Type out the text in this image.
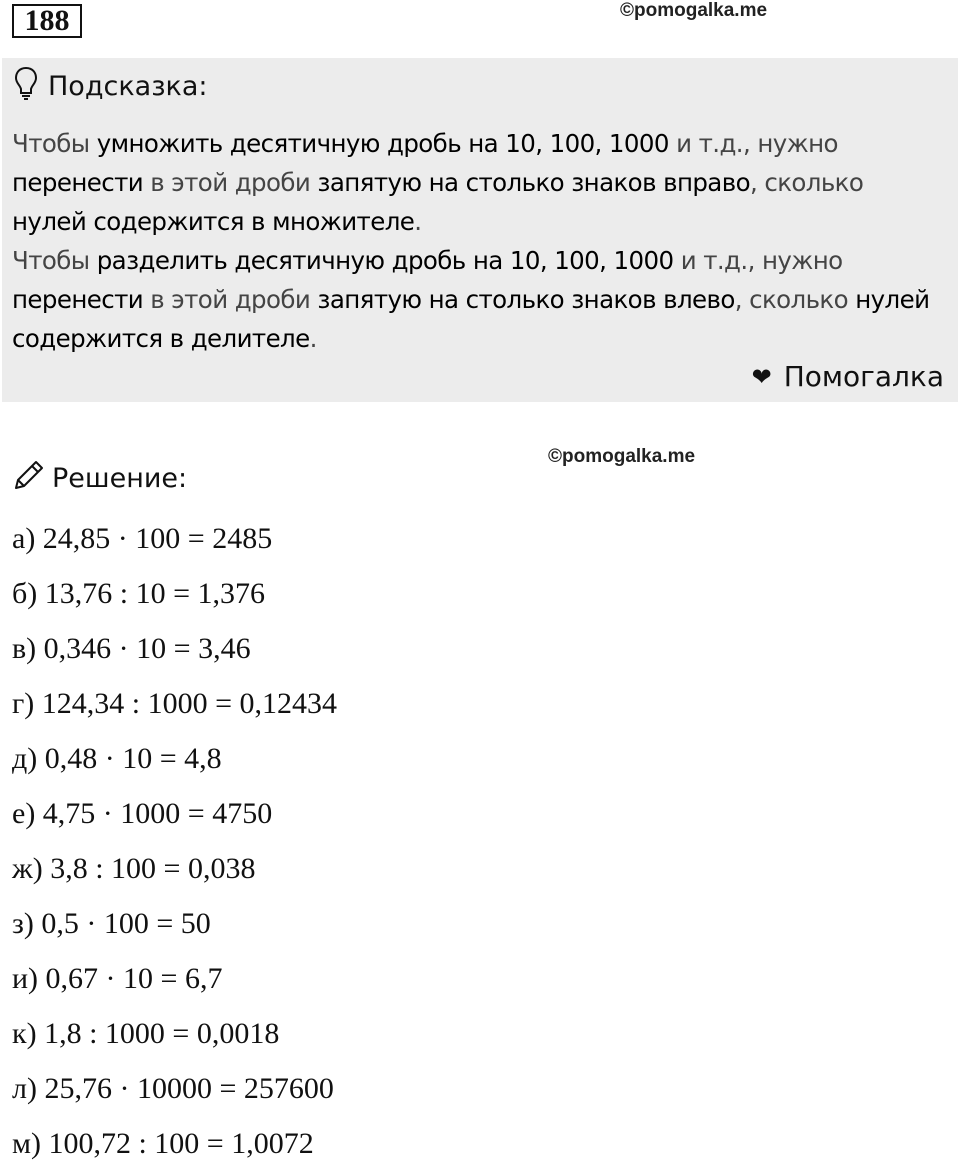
188	©pomogalka.me
Подсказка:
Чтобы умножить десятичную дробь на 10, 100, 1000 и т.д., нужно перенести в этой дроби запятую на столько знаков вправо, сколько нулей содержится в множителе.
Чтобы разделить десятичную дробь на 10, 100, 1000 и т.д., нужно перенести в этой дроби запятую на столько знаков влево, сколько нулей содержится в делителе.
❤ Помогалка
©pomogalka.me
Решение:
а) 24,85 · 100 = 2485
б) 13,76 : 10 = 1,376
в) 0,346 · 10 = 3,46
г) 124,34 : 1000 = 0,12434
д) 0,48 · 10 = 4,8
е) 4,75 · 1000 = 4750
ж) 3,8 : 100 = 0,038
з) 0,5 · 100 = 50
и) 0,67 · 10 = 6,7
к) 1,8 : 1000 = 0,0018
л) 25,76 · 10000 = 257600
м) 100,72 : 100 = 1,0072
